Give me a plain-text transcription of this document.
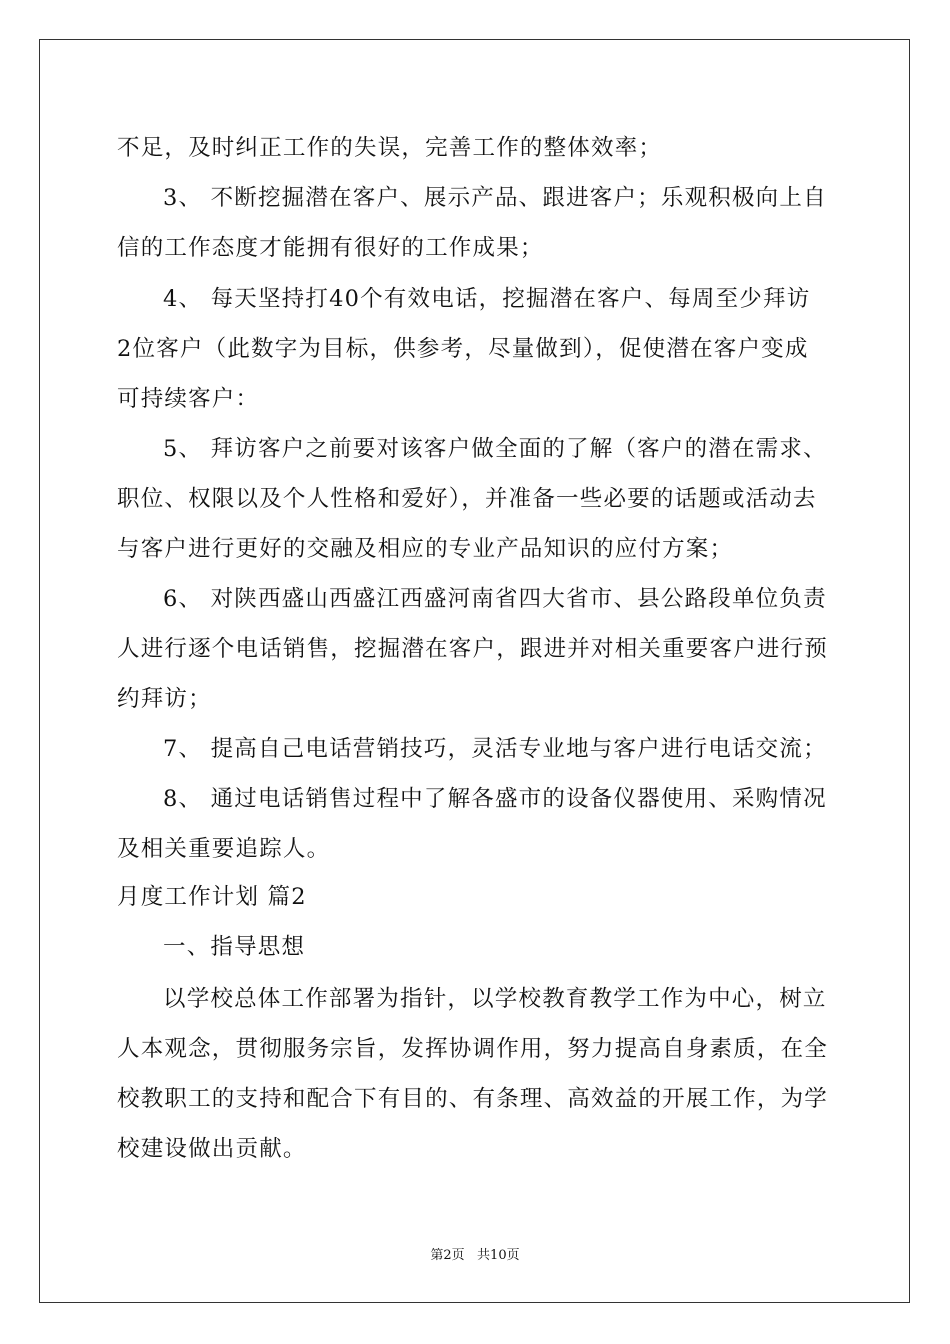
不足，及时纠正工作的失误，完善工作的整体效率；
3、 不断挖掘潜在客户、展示产品、跟进客户；乐观积极向上自
信的工作态度才能拥有很好的工作成果；
4、 每天坚持打40个有效电话，挖掘潜在客户、每周至少拜访
2位客户（此数字为目标，供参考，尽量做到），促使潜在客户变成
可持续客户：
5、 拜访客户之前要对该客户做全面的了解（客户的潜在需求、
职位、权限以及个人性格和爱好），并准备一些必要的话题或活动去
与客户进行更好的交融及相应的专业产品知识的应付方案；
6、 对陕西盛山西盛江西盛河南省四大省市、县公路段单位负责
人进行逐个电话销售，挖掘潜在客户，跟进并对相关重要客户进行预
约拜访；
7、 提高自己电话营销技巧，灵活专业地与客户进行电话交流；
8、 通过电话销售过程中了解各盛市的设备仪器使用、采购情况
及相关重要追踪人。
月度工作计划 篇2
一、指导思想
以学校总体工作部署为指针，以学校教育教学工作为中心，树立
人本观念，贯彻服务宗旨，发挥协调作用，努力提高自身素质，在全
校教职工的支持和配合下有目的、有条理、高效益的开展工作，为学
校建设做出贡献。
第2页   共10页
